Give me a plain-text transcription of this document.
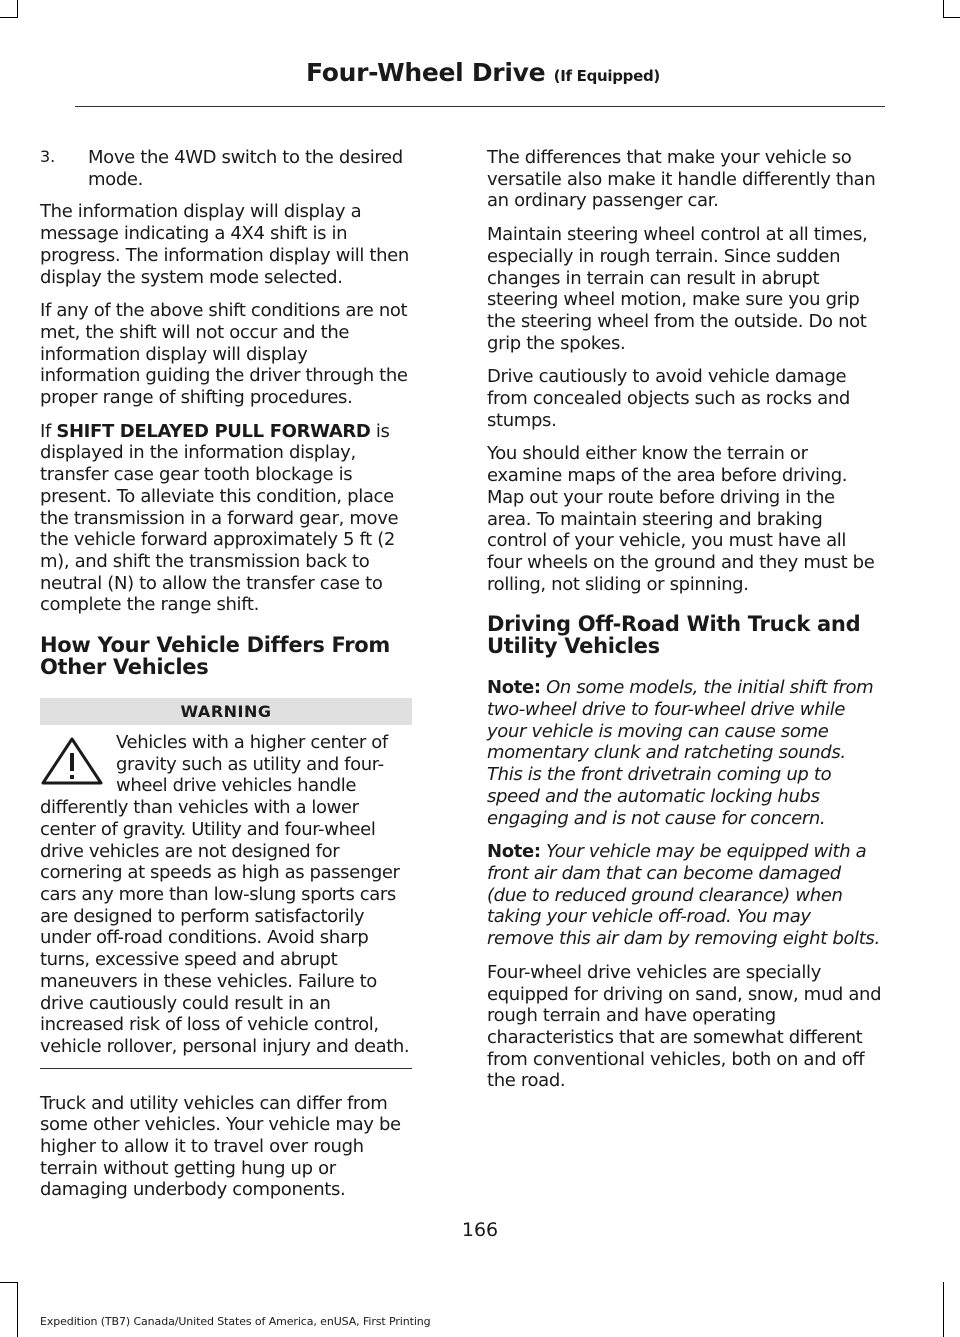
Four-Wheel Drive (If Equipped)
3.	Move the 4WD switch to the desired mode.

The information display will display a message indicating a 4X4 shift is in progress. The information display will then display the system mode selected.

If any of the above shift conditions are not met, the shift will not occur and the information display will display information guiding the driver through the proper range of shifting procedures.

If SHIFT DELAYED PULL FORWARD is displayed in the information display, transfer case gear tooth blockage is present. To alleviate this condition, place the transmission in a forward gear, move the vehicle forward approximately 5 ft (2 m), and shift the transmission back to neutral (N) to allow the transfer case to complete the range shift.

How Your Vehicle Differs From Other Vehicles
WARNING
Vehicles with a higher center of gravity such as utility and four-wheel drive vehicles handle differently than vehicles with a lower center of gravity. Utility and four-wheel drive vehicles are not designed for cornering at speeds as high as passenger cars any more than low-slung sports cars are designed to perform satisfactorily under off-road conditions. Avoid sharp turns, excessive speed and abrupt maneuvers in these vehicles. Failure to drive cautiously could result in an increased risk of loss of vehicle control, vehicle rollover, personal injury and death.

Truck and utility vehicles can differ from some other vehicles. Your vehicle may be higher to allow it to travel over rough terrain without getting hung up or damaging underbody components.

The differences that make your vehicle so versatile also make it handle differently than an ordinary passenger car.

Maintain steering wheel control at all times, especially in rough terrain. Since sudden changes in terrain can result in abrupt steering wheel motion, make sure you grip the steering wheel from the outside. Do not grip the spokes.

Drive cautiously to avoid vehicle damage from concealed objects such as rocks and stumps.

You should either know the terrain or examine maps of the area before driving. Map out your route before driving in the area. To maintain steering and braking control of your vehicle, you must have all four wheels on the ground and they must be rolling, not sliding or spinning.

Driving Off-Road With Truck and Utility Vehicles

Note: On some models, the initial shift from two-wheel drive to four-wheel drive while your vehicle is moving can cause some momentary clunk and ratcheting sounds. This is the front drivetrain coming up to speed and the automatic locking hubs engaging and is not cause for concern.

Note: Your vehicle may be equipped with a front air dam that can become damaged (due to reduced ground clearance) when taking your vehicle off-road. You may remove this air dam by removing eight bolts.

Four-wheel drive vehicles are specially equipped for driving on sand, snow, mud and rough terrain and have operating characteristics that are somewhat different from conventional vehicles, both on and off the road.

166
Expedition (TB7) Canada/United States of America, enUSA, First Printing
